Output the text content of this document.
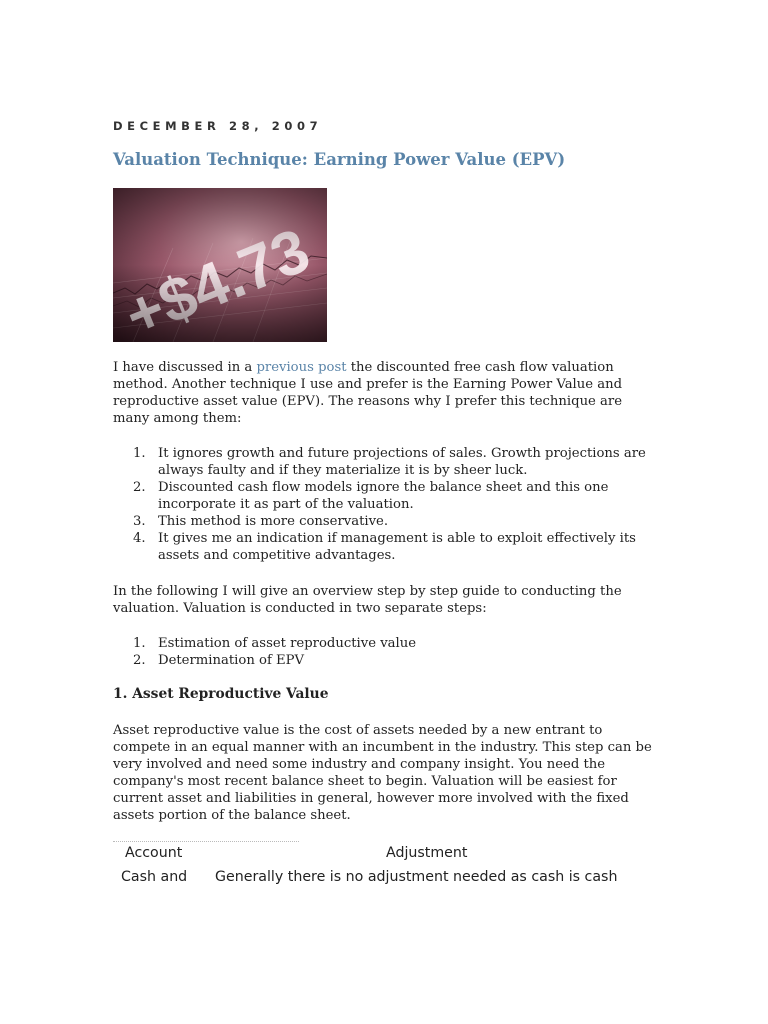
DECEMBER 28, 2007
Valuation Technique: Earning Power Value (EPV)

I have discussed in a previous post the discounted free cash flow valuation method. Another technique I use and prefer is the Earning Power Value and reproductive asset value (EPV). The reasons why I prefer this technique are many among them:

1. It ignores growth and future projections of sales. Growth projections are always faulty and if they materialize it is by sheer luck.
2. Discounted cash flow models ignore the balance sheet and this one incorporate it as part of the valuation.
3. This method is more conservative.
4. It gives me an indication if management is able to exploit effectively its assets and competitive advantages.

In the following I will give an overview step by step guide to conducting the valuation. Valuation is conducted in two separate steps:

1. Estimation of asset reproductive value
2. Determination of EPV
1. Asset Reproductive Value

Asset reproductive value is the cost of assets needed by a new entrant to compete in an equal manner with an incumbent in the industry. This step can be very involved and need some industry and company insight. You need the company's most recent balance sheet to begin. Valuation will be easiest for current asset and liabilities in general, however more involved with the fixed assets portion of the balance sheet.

Account	Adjustment
Cash and Generally there is no adjustment needed as cash is cash
